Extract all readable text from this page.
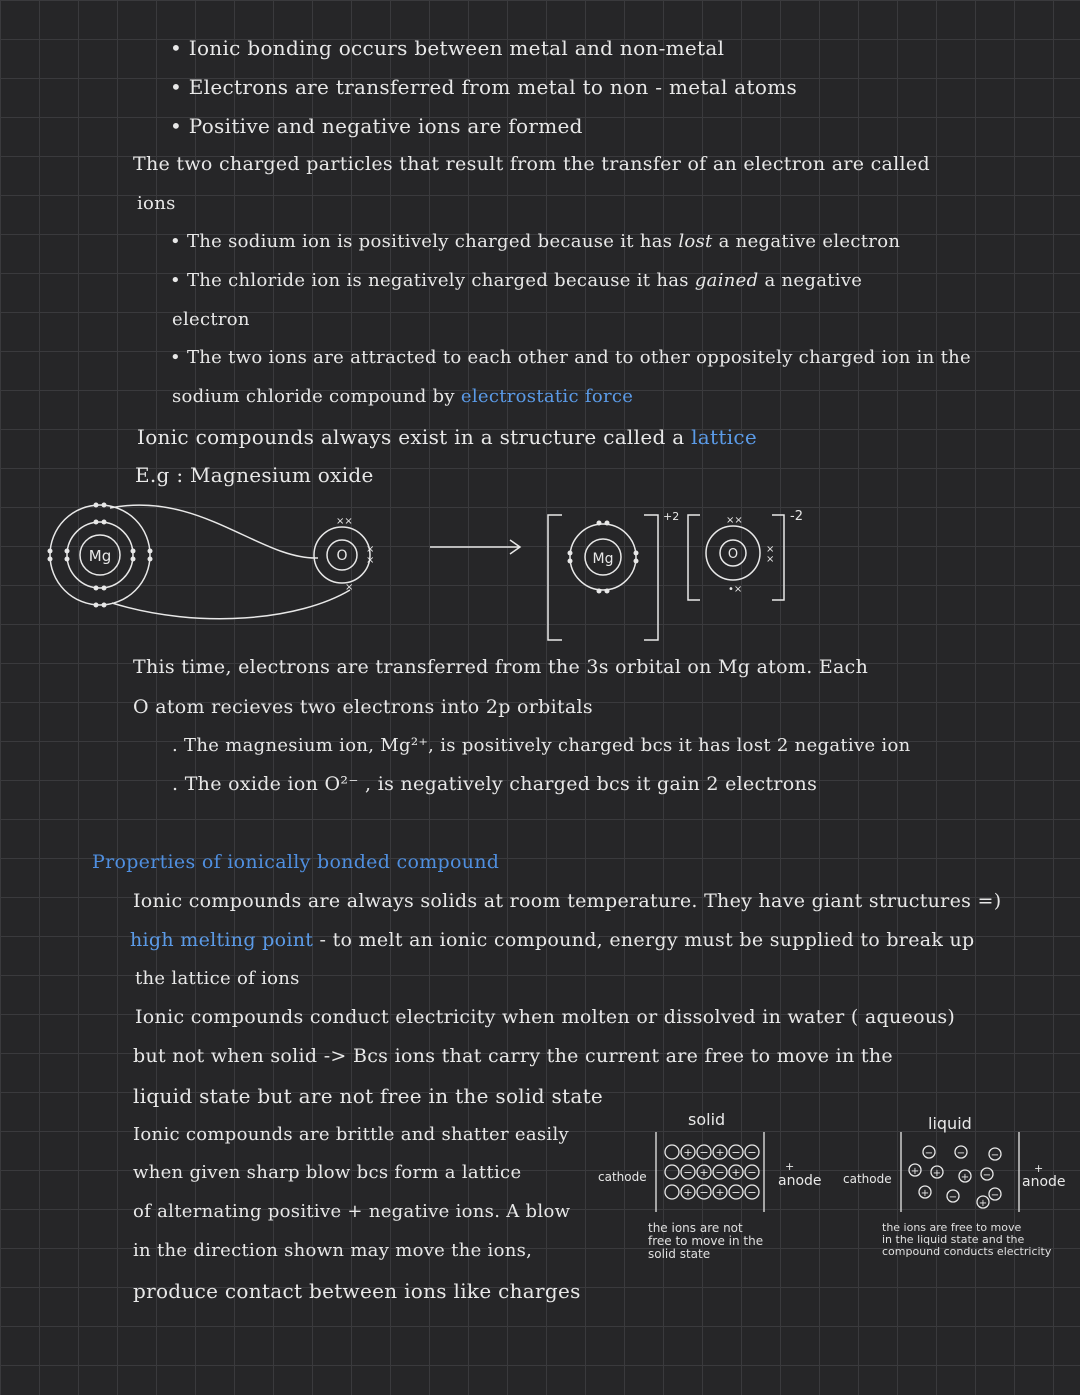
• Ionic bonding occurs between metal and non-metal
• Electrons are transferred from metal to non - metal atoms
• Positive and negative ions are formed
The two charged particles that result from the transfer of an electron are called
ions
• The sodium ion is positively charged because it has lost a negative electron
• The chloride ion is negatively charged because it has gained a negative
electron
• The two ions are attracted to each other and to other oppositely charged ion in the
sodium chloride compound by electrostatic force
Ionic compounds always exist in a structure called a lattice
E.g : Magnesium oxide
Mg	O
××
×
×
×
Mg
+2
O
××
×
×
•×
-2
This time, electrons are transferred from the 3s orbital on Mg atom. Each
O atom recieves two electrons into 2p orbitals
. The magnesium ion, Mg²⁺, is positively charged bcs it has lost 2 negative ion
. The oxide ion O²⁻ , is negatively charged bcs it gain 2 electrons
Properties of ionically bonded compound
Ionic compounds are always solids at room temperature. They have giant structures =)
high melting point - to melt an ionic compound, energy must be supplied to break up
the lattice of ions
Ionic compounds conduct electricity when molten or dissolved in water ( aqueous)
but not when solid -> Bcs ions that carry the current are free to move in the
liquid state but are not free in the solid state
Ionic compounds are brittle and shatter easily
when given sharp blow bcs form a lattice
of alternating positive + negative ions. A blow
in the direction shown may move the ions,
produce contact between ions like charges
solid
cathode
+ − + − −
− + − + −
+ − + − −
+
anode
the ions are not
free to move in the
solid state
liquid
cathode
− −	−
+ + + −
−
+ −
+
+
anode
the ions are free to move
in the liquid state and the
compound conducts electricity
